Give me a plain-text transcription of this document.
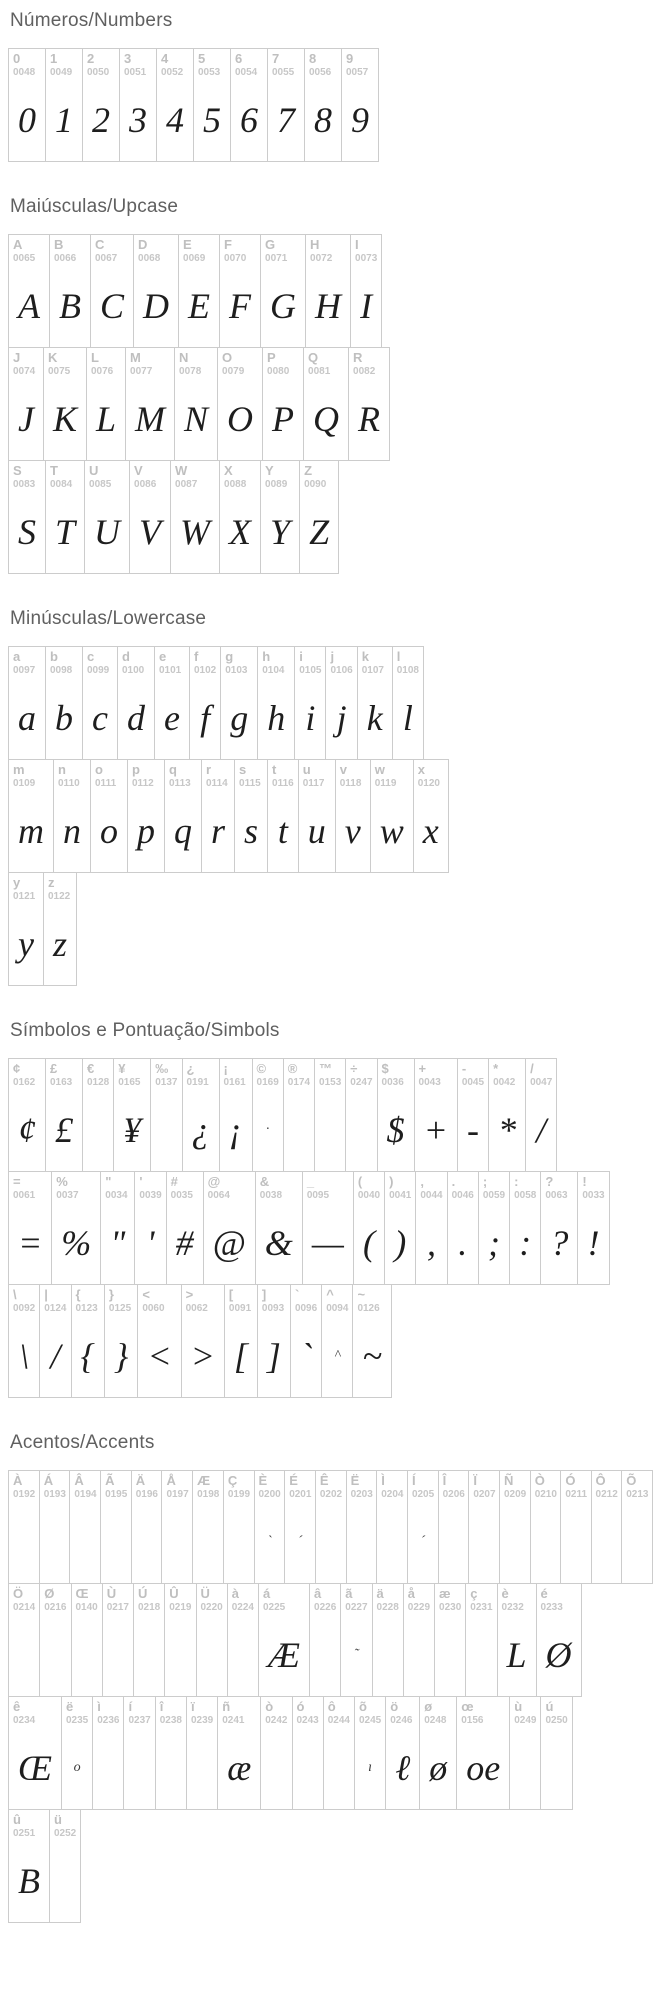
Números/Numbers
0
0048
0
1
0049
1
2
0050
2
3
0051
3
4
0052
4
5
0053
5
6
0054
6
7
0055
7
8
0056
8
9
0057
9
Maiúsculas/Upcase
A
0065
A
B
0066
B
C
0067
C
D
0068
D
E
0069
E
F
0070
F
G
0071
G
H
0072
H
I
0073
I
J
0074
J
K
0075
K
L
0076
L
M
0077
M
N
0078
N
O
0079
O
P
0080
P
Q
0081
Q
R
0082
R
S
0083
S
T
0084
T
U
0085
U
V
0086
V
W
0087
W
X
0088
X
Y
0089
Y
Z
0090
Z
Minúsculas/Lowercase
a
0097
a
b
0098
b
c
0099
c
d
0100
d
e
0101
e
f
0102
f
g
0103
g
h
0104
h
i
0105
i
j
0106
j
k
0107
k
l
0108
l
m
0109
m
n
0110
n
o
0111
o
p
0112
p
q
0113
q
r
0114
r
s
0115
s
t
0116
t
u
0117
u
v
0118
v
w
0119
w
x
0120
x
y
0121
y
z
0122
z
Símbolos e Pontuação/Simbols
¢
0162
¢
£
0163
£
€
0128
¥
0165
¥
‰
0137
¿
0191
¿
¡
0161
¡
©
0169
·
®
0174
™
0153
÷
0247
$
0036
$
+
0043
+
-
0045
-
*
0042
*
/
0047
/
=
0061
=
%
0037
%
"
0034
"
'
0039
'
#
0035
#
@
0064
@
&
0038
&
_
0095
—
(
0040
(
)
0041
)
,
0044
,
.
0046
.
;
0059
;
:
0058
:
?
0063
?
!
0033
!
\
0092
\
|
0124
/
{
0123
{
}
0125
}
<
0060
<
>
0062
>
[
0091
[
]
0093
]
`
0096
`
^
0094
^
~
0126
~
Acentos/Accents
À
0192
Á
0193
Â
0194
Ã
0195
Ä
0196
Å
0197
Æ
0198
Ç
0199
È
0200
`
É
0201
´
Ê
0202
Ë
0203
Ì
0204
Í
0205
´
Î
0206
Ï
0207
Ñ
0209
Ò
0210
Ó
0211
Ô
0212
Õ
0213
Ö
0214
Ø
0216
Œ
0140
Ù
0217
Ú
0218
Û
0219
Ü
0220
à
0224
á
0225
Æ
â
0226
ã
0227
˜
ä
0228
å
0229
æ
0230
ç
0231
è
0232
L
é
0233
Ø
ê
0234
Œ
ë
0235
o
ì
0236
í
0237
î
0238
ï
0239
ñ
0241
æ
ò
0242
ó
0243
ô
0244
õ
0245
ı
ö
0246
ℓ
ø
0248
ø
œ
0156
oe
ù
0249
ú
0250
û
0251
B
ü
0252
